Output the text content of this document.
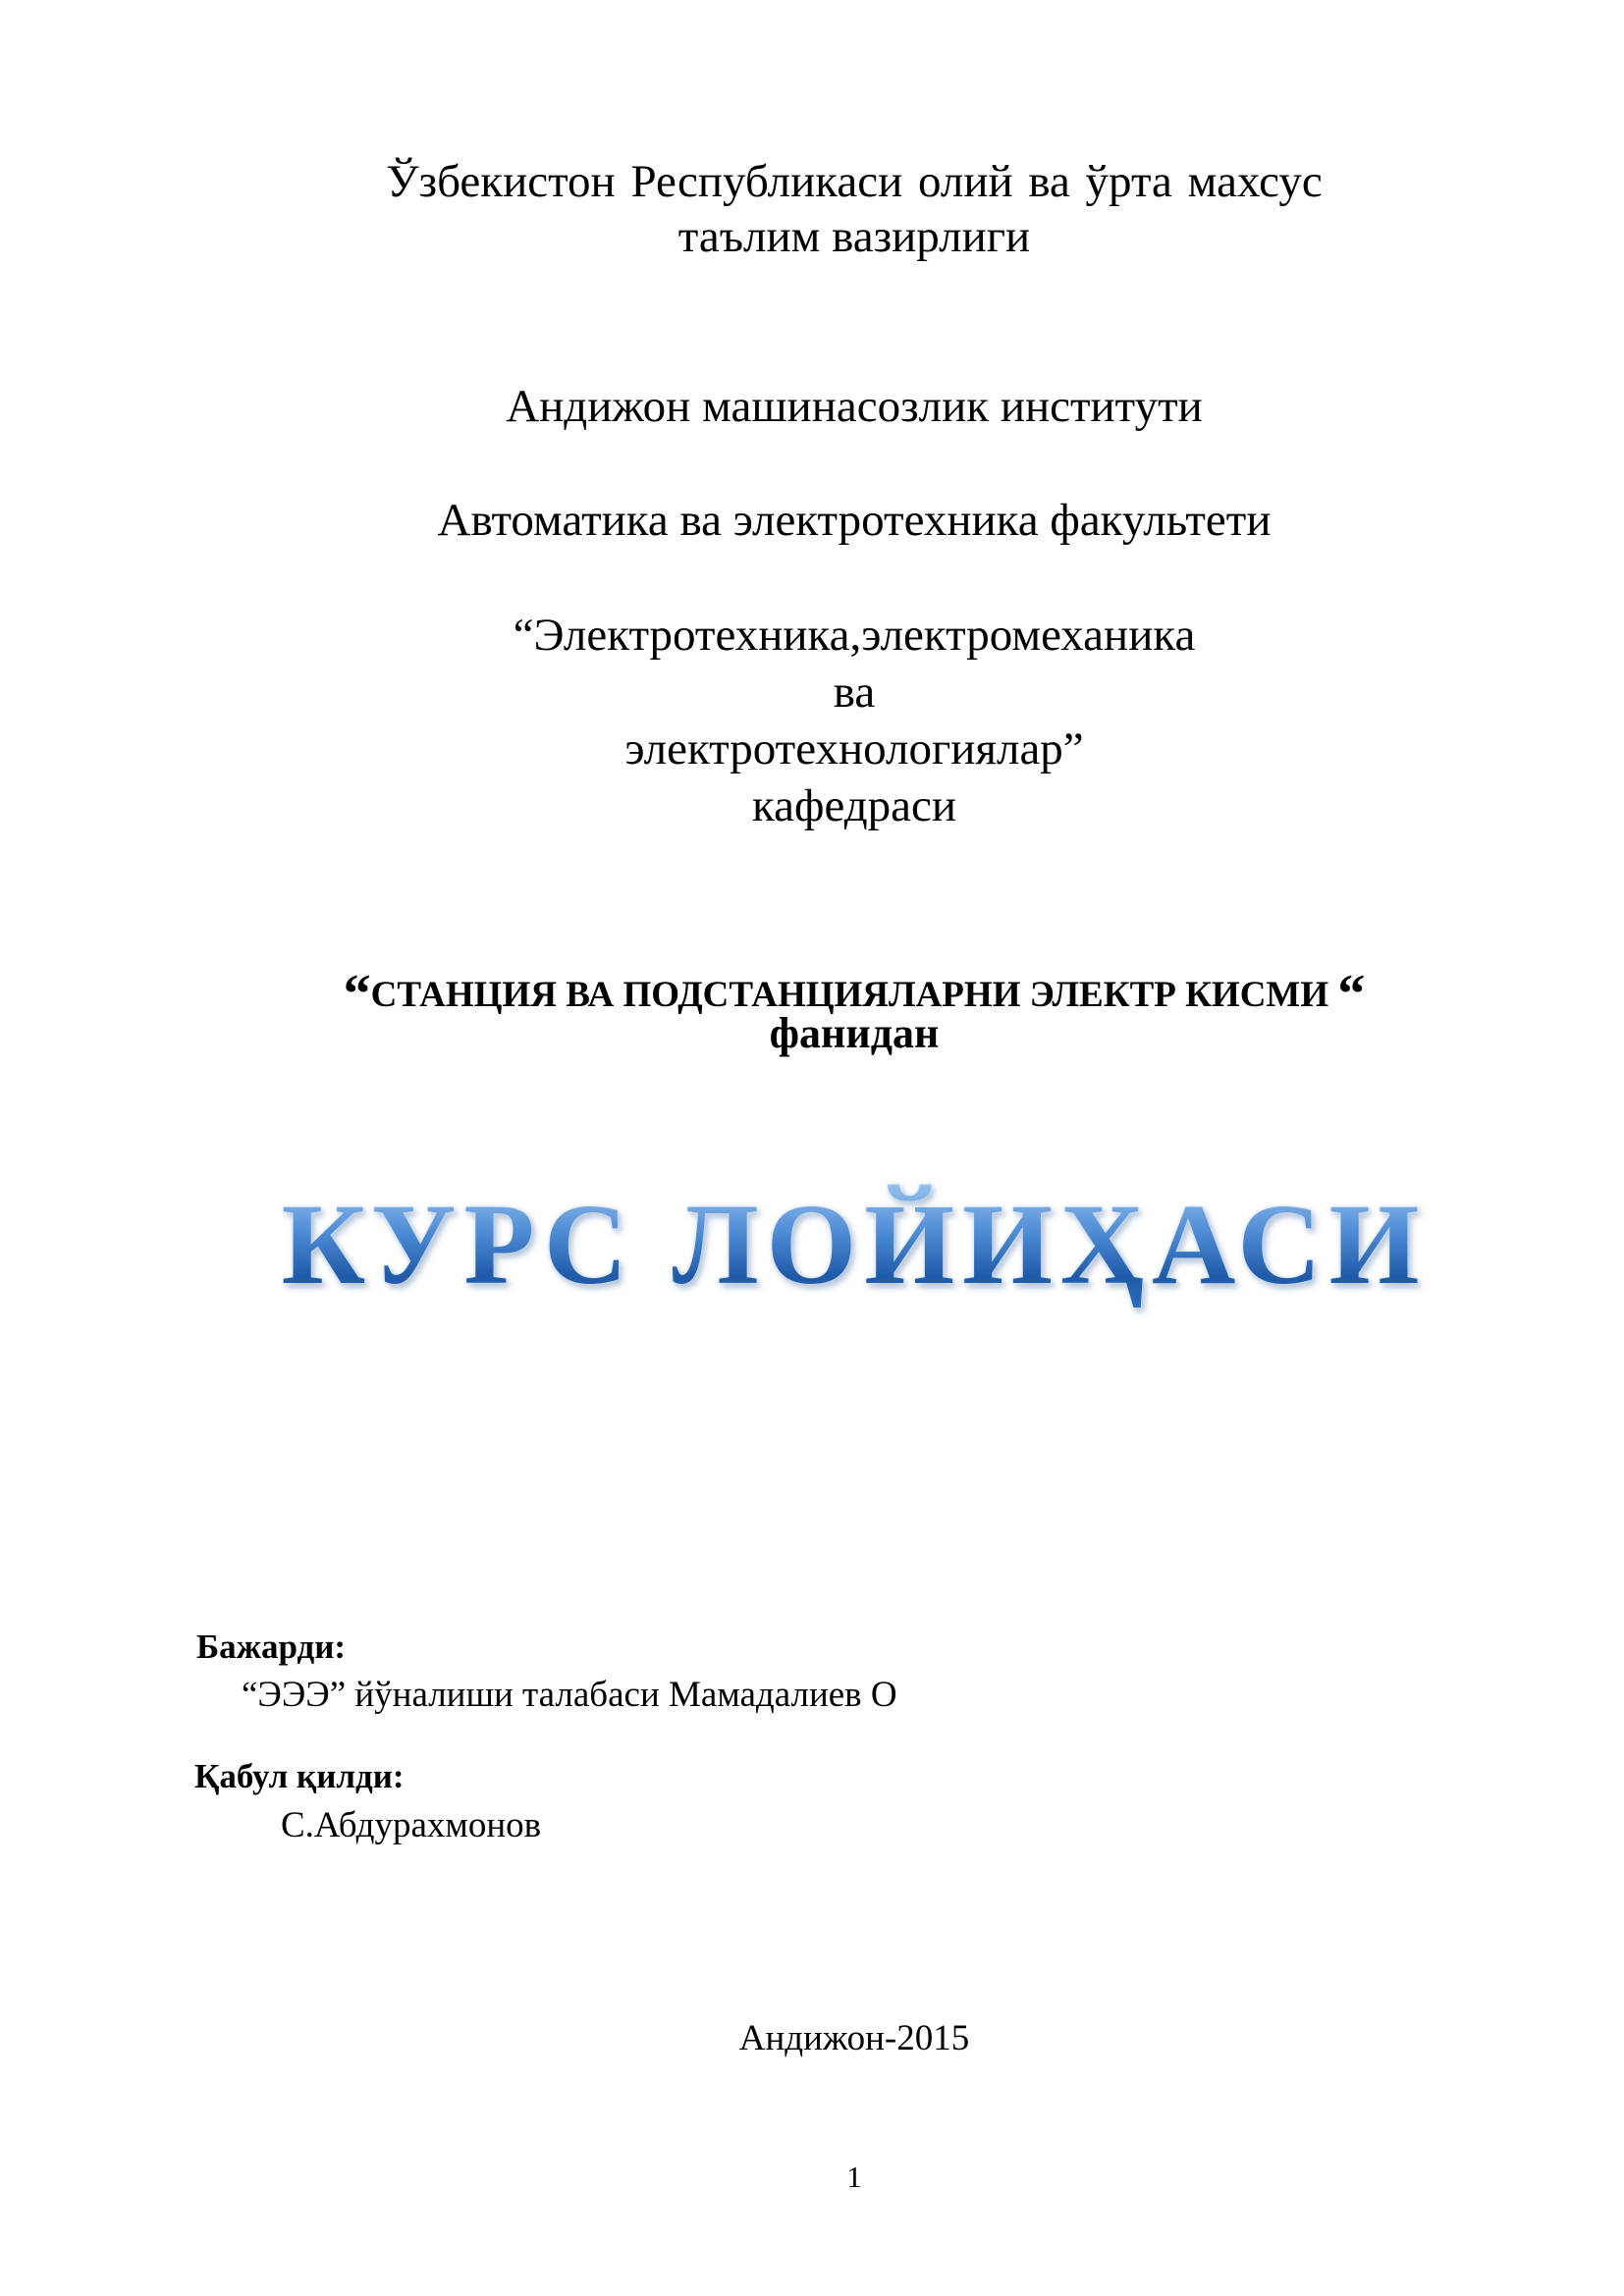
Ўзбекистон Республикаси олий ва ўрта махсус
таълим вазирлиги
Андижон машинасозлик институти
Автоматика ва электротехника факультети
“Электротехника,электромеханика
ва
электротехнологиялар”
кафедраси
“СТАНЦИЯ ВА ПОДСТАНЦИЯЛАРНИ ЭЛЕКТР КИСМИ “
фанидан
КУРС ЛОЙИҲАСИ
Бажарди:
“ЭЭЭ” йўналиши талабаси Мамадалиев О
Қабул қилди:
С.Абдурахмонов
Андижон-2015
1
